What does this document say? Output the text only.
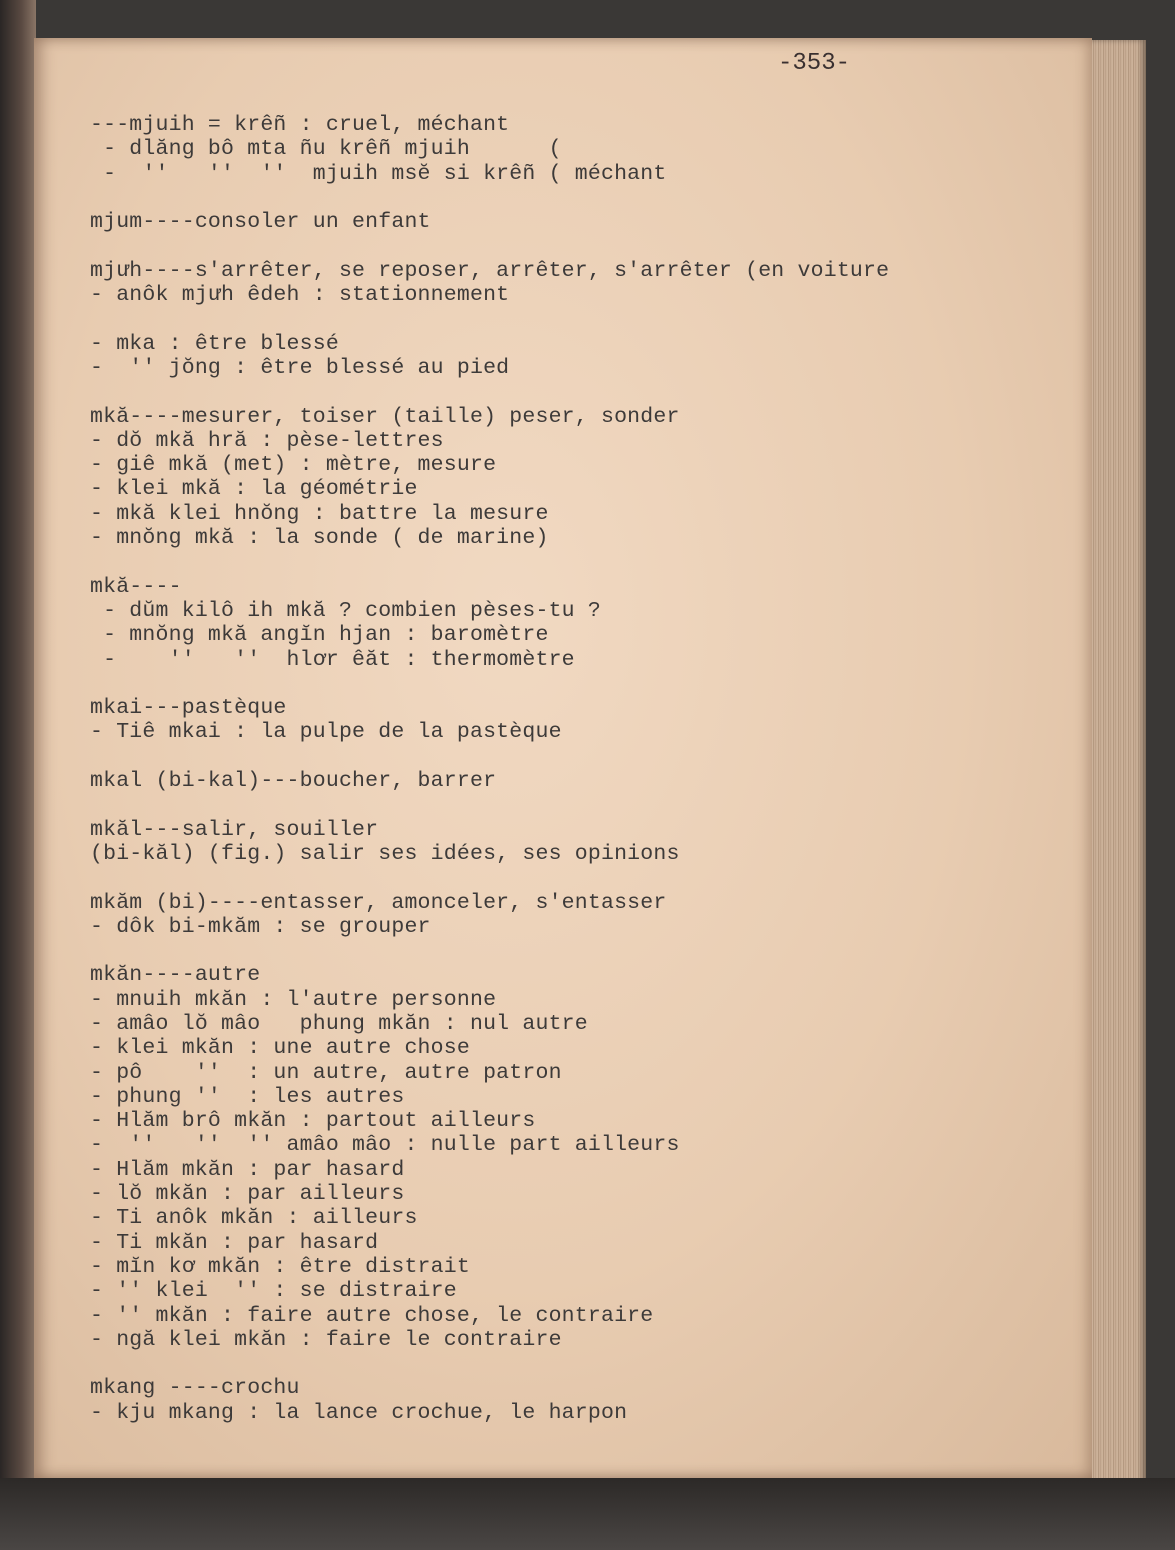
-353-
---mjuih = krêñ : cruel, méchant
- dlăng bô mta ñu krêñ mjuih      (
-  ''   ''  ''  mjuih msĕ si krêñ ( méchant
mjum----consoler un enfant
mjưh----s'arrêter, se reposer, arrêter, s'arrêter (en voiture
- anôk mjưh êdeh : stationnement
- mka : être blessé
-  '' jŏng : être blessé au pied
mkă----mesurer, toiser (taille) peser, sonder
- dŏ mkă hră : pèse-lettres
- giê mkă (met) : mètre, mesure
- klei mkă : la géométrie
- mkă klei hnŏng : battre la mesure
- mnŏng mkă : la sonde ( de marine)
mkă----
- dŭm kilô ih mkă ? combien pèses-tu ?
- mnŏng mkă angĭn hjan : baromètre
-    ''   ''  hlơr êăt : thermomètre
mkai---pastèque
- Tiê mkai : la pulpe de la pastèque
mkal (bi-kal)---boucher, barrer
mkăl---salir, souiller
(bi-kăl) (fig.) salir ses idées, ses opinions
mkăm (bi)----entasser, amonceler, s'entasser
- dôk bi-mkăm : se grouper
mkăn----autre
- mnuih mkăn : l'autre personne
- amâo lŏ mâo   phung mkăn : nul autre
- klei mkăn : une autre chose
- pô    ''  : un autre, autre patron
- phung ''  : les autres
- Hlăm brô mkăn : partout ailleurs
-  ''   ''  '' amâo mâo : nulle part ailleurs
- Hlăm mkăn : par hasard
- lŏ mkăn : par ailleurs
- Ti anôk mkăn : ailleurs
- Ti mkăn : par hasard
- mĭn kơ mkăn : être distrait
- '' klei  '' : se distraire
- '' mkăn : faire autre chose, le contraire
- ngă klei mkăn : faire le contraire
mkang ----crochu
- kju mkang : la lance crochue, le harpon
